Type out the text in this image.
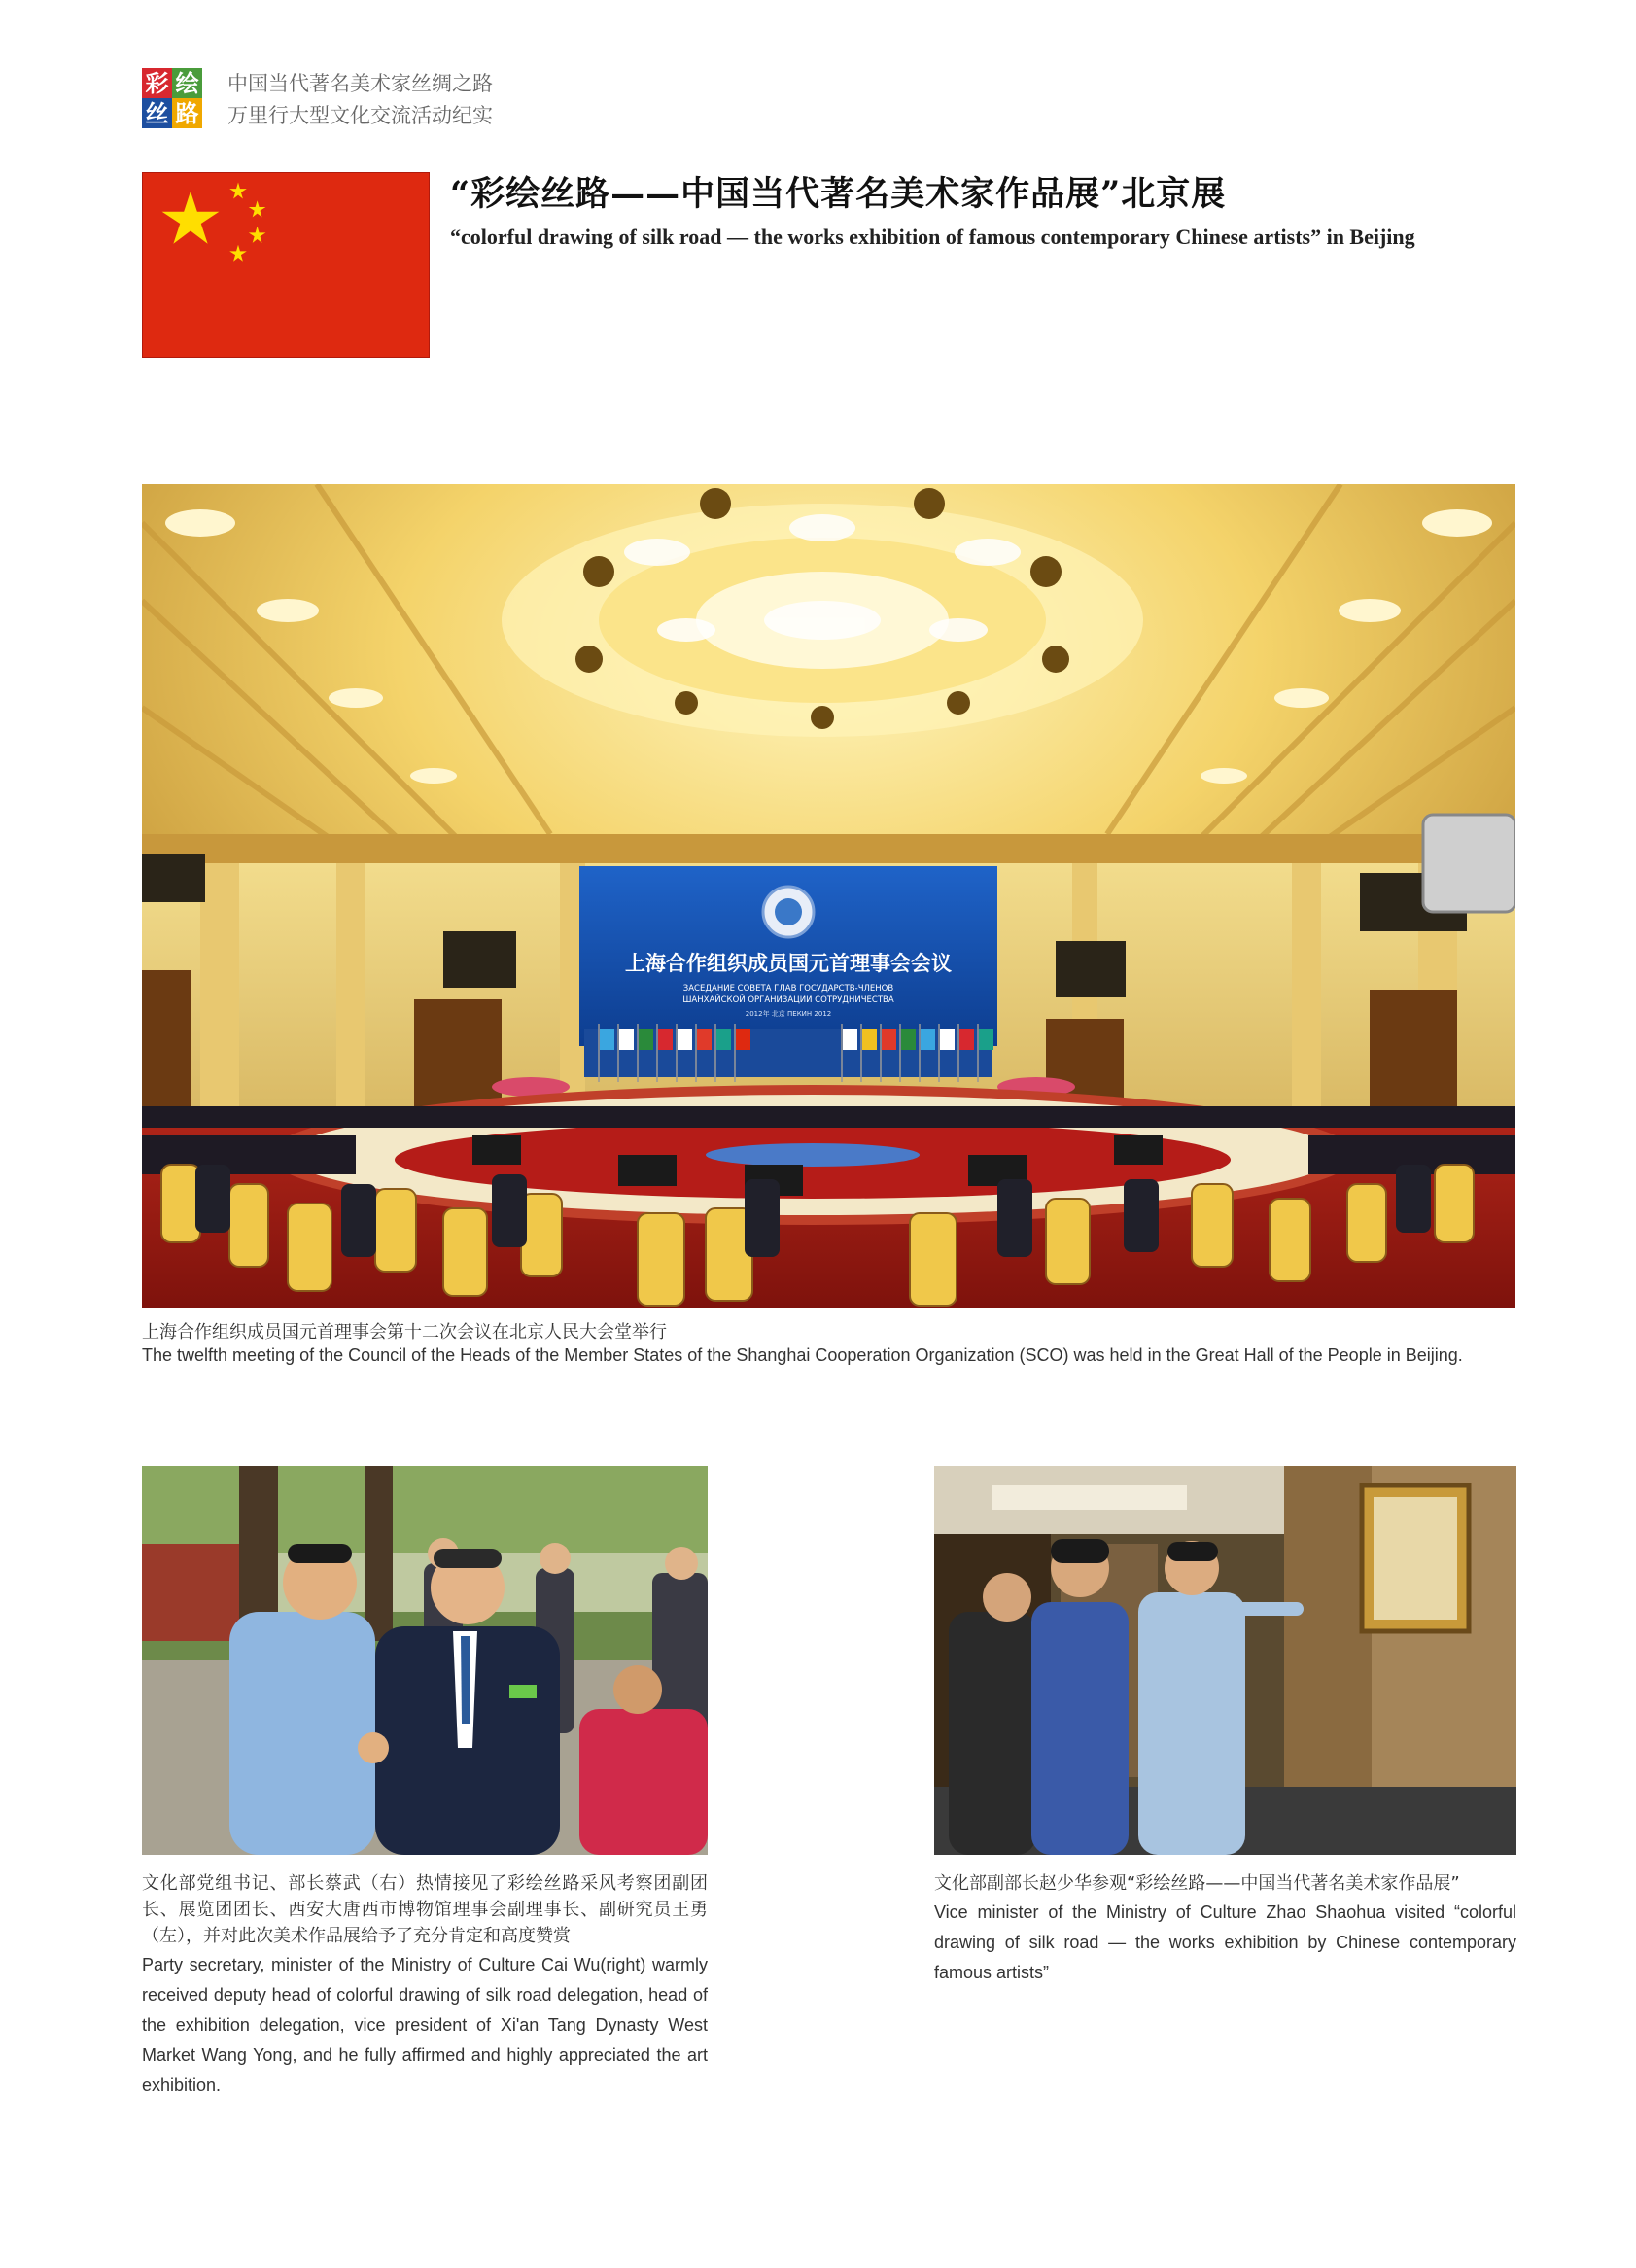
彩 绘
丝 路
中国当代著名美术家丝绸之路
万里行大型文化交流活动纪实
“彩绘丝路——中国当代著名美术家作品展”北京展
“colorful drawing of silk road — the works exhibition of famous contemporary Chinese artists” in Beijing
上海合作组织成员国元首理事会会议
ЗАСЕДАНИЕ СОВЕТА ГЛАВ ГОСУДАРСТВ-ЧЛЕНОВ
ШАНХАЙСКОЙ ОРГАНИЗАЦИИ СОТРУДНИЧЕСТВА
2012年 北京 ПЕКИН 2012
上海合作组织成员国元首理事会第十二次会议在北京人民大会堂举行
The twelfth meeting of the Council of the Heads of the Member States of the Shanghai Cooperation Organization (SCO) was held in the Great Hall of the People in Beijing.
文化部党组书记、部长蔡武（右）热情接见了彩绘丝路采风考察团副团长、展览团团长、西安大唐西市博物馆理事会副理事长、副研究员王勇（左），并对此次美术作品展给予了充分肯定和高度赞赏
Party secretary, minister of the Ministry of Culture Cai Wu(right) warmly received deputy head of colorful drawing of silk road delegation, head of the exhibition delegation, vice president of Xi'an Tang Dynasty West Market Wang Yong, and he fully affirmed and highly appreciated the art exhibition.
文化部副部长赵少华参观“彩绘丝路——中国当代著名美术家作品展”
Vice minister of the Ministry of Culture Zhao Shaohua visited “colorful drawing of silk road — the works exhibition by Chinese contemporary famous artists”
